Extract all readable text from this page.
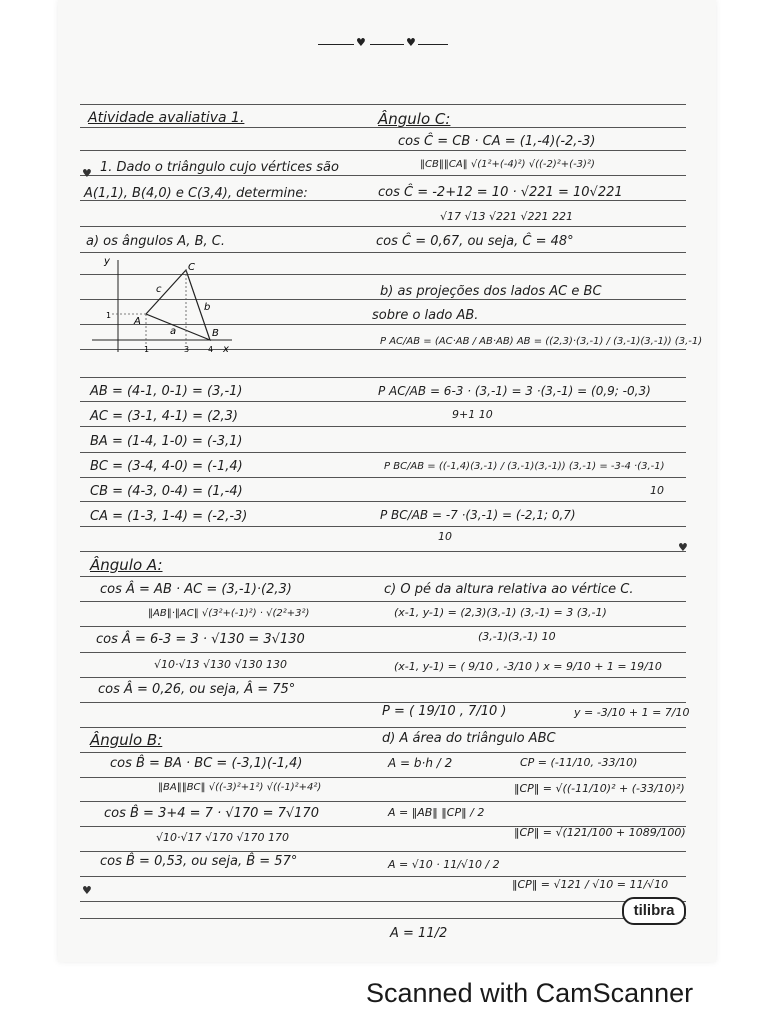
♥	♥
♥
♥
♥
Atividade avaliativa 1.
1. Dado o triângulo cujo vértices são
A(1,1), B(4,0) e C(3,4), determine:
a) os ângulos A, B, C.
y
x
A
B
C
a
b
c
1
1	3 4
AB = (4-1, 0-1) = (3,-1)
AC = (3-1, 4-1) = (2,3)
BA = (1-4, 1-0) = (-3,1)
BC = (3-4, 4-0) = (-1,4)
CB = (4-3, 0-4) = (1,-4)
CA = (1-3, 1-4) = (-2,-3)
Ângulo A:
cos Â = AB · AC = (3,-1)·(2,3)
‖AB‖·‖AC‖ √(3²+(-1)²) · √(2²+3²)
cos Â = 6-3 = 3 · √130 = 3√130
√10·√13 √130 √130 130
cos Â = 0,26, ou seja, Â = 75°
Ângulo B:
cos B̂ = BA · BC = (-3,1)(-1,4)
‖BA‖‖BC‖ √((-3)²+1²) √((-1)²+4²)
cos B̂ = 3+4 = 7 · √170 = 7√170
√10·√17 √170 √170 170
cos B̂ = 0,53, ou seja, B̂ = 57°
Ângulo C:
cos Ĉ = CB · CA = (1,-4)(-2,-3)
‖CB‖‖CA‖ √(1²+(-4)²) √((-2)²+(-3)²)
cos Ĉ = -2+12 = 10 · √221 = 10√221
√17 √13 √221 √221 221
cos Ĉ = 0,67, ou seja, Ĉ = 48°
b) as projeções dos lados AC e BC
sobre o lado AB.
P AC/AB = (AC·AB / AB·AB) AB = ((2,3)·(3,-1) / (3,-1)(3,-1)) (3,-1)
P AC/AB = 6-3 · (3,-1) = 3 ·(3,-1) = (0,9; -0,3)
9+1 10
P BC/AB = ((-1,4)(3,-1) / (3,-1)(3,-1)) (3,-1) = -3-4 ·(3,-1)
10
P BC/AB = -7 ·(3,-1) = (-2,1; 0,7)
10
c) O pé da altura relativa ao vértice C.
(x-1, y-1) = (2,3)(3,-1) (3,-1) = 3 (3,-1)
(3,-1)(3,-1) 10
(x-1, y-1) = ( 9/10 , -3/10 ) x = 9/10 + 1 = 19/10
P = ( 19/10 , 7/10 )	y = -3/10 + 1 = 7/10
d) A área do triângulo ABC
A = b·h / 2	CP = (-11/10, -33/10)
‖CP‖ = √((-11/10)² + (-33/10)²)
A = ‖AB‖ ‖CP‖ / 2
‖CP‖ = √(121/100 + 1089/100)
A = √10 · 11/√10 / 2
‖CP‖ = √121 / √10 = 11/√10
A = 11/2
tilibra
Scanned with CamScanner
